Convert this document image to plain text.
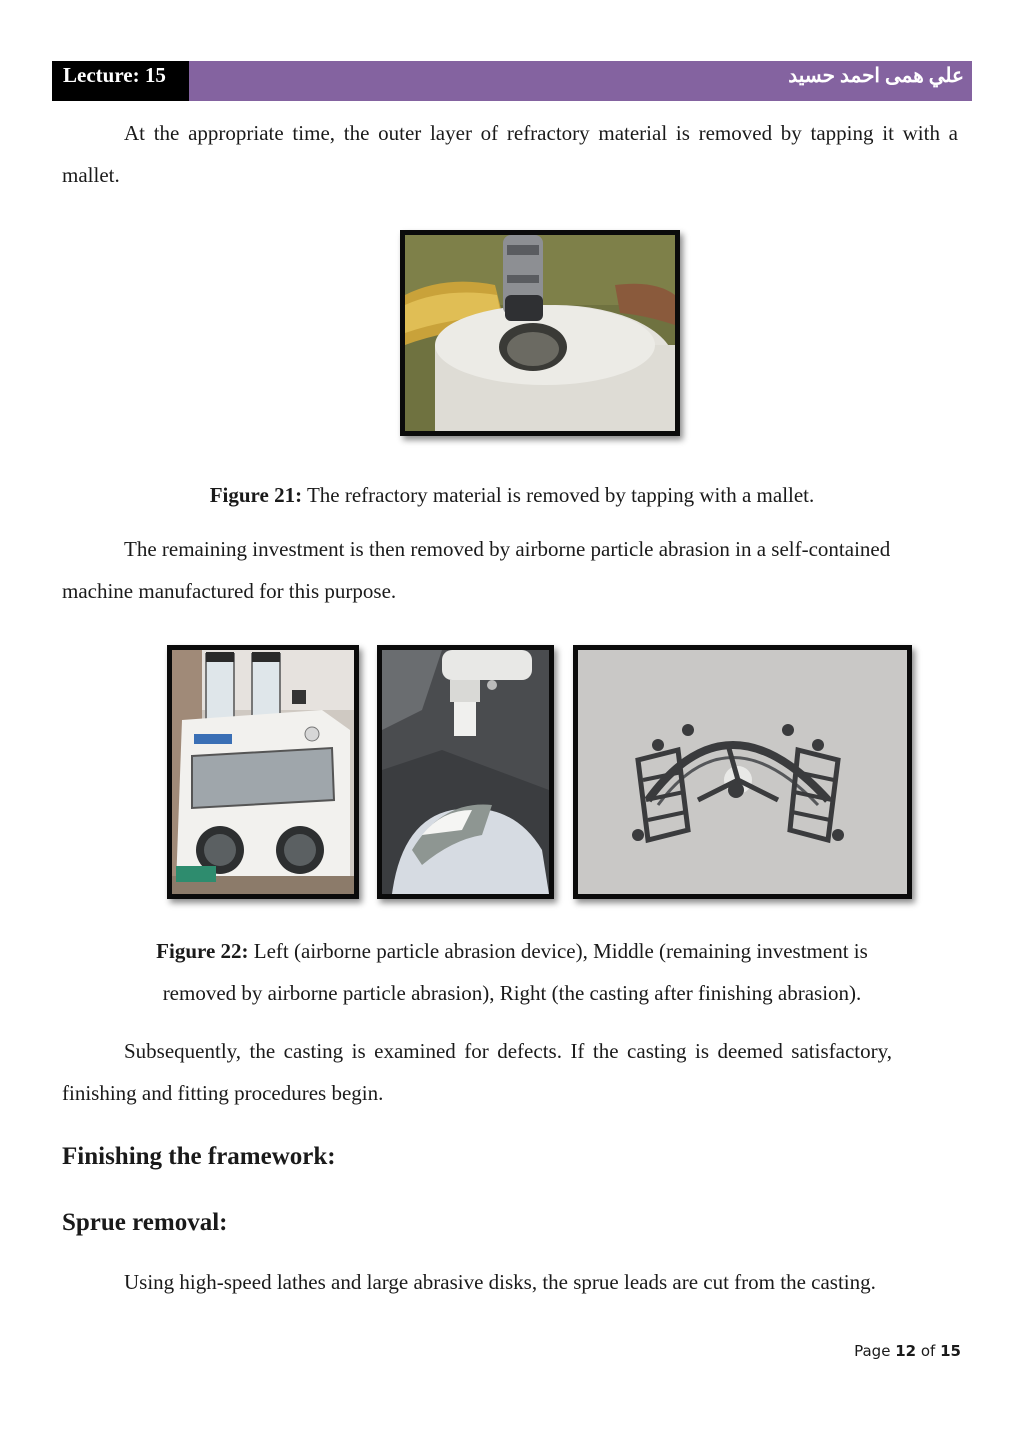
Lecture: 15	علي همى احمد حسيد

At the appropriate time, the outer layer of refractory material is removed by tapping it with a mallet.

Figure 21: The refractory material is removed by tapping with a mallet.

The remaining investment is then removed by airborne particle abrasion in a self-contained machine manufactured for this purpose.

Figure 22: Left (airborne particle abrasion device), Middle (remaining investment is

removed by airborne particle abrasion), Right (the casting after finishing abrasion).

Subsequently, the casting is examined for defects. If the casting is deemed satisfactory, finishing and fitting procedures begin.

Finishing the framework:
Sprue removal:

Using high-speed lathes and large abrasive disks, the sprue leads are cut from the casting.

Page 12 of 15
